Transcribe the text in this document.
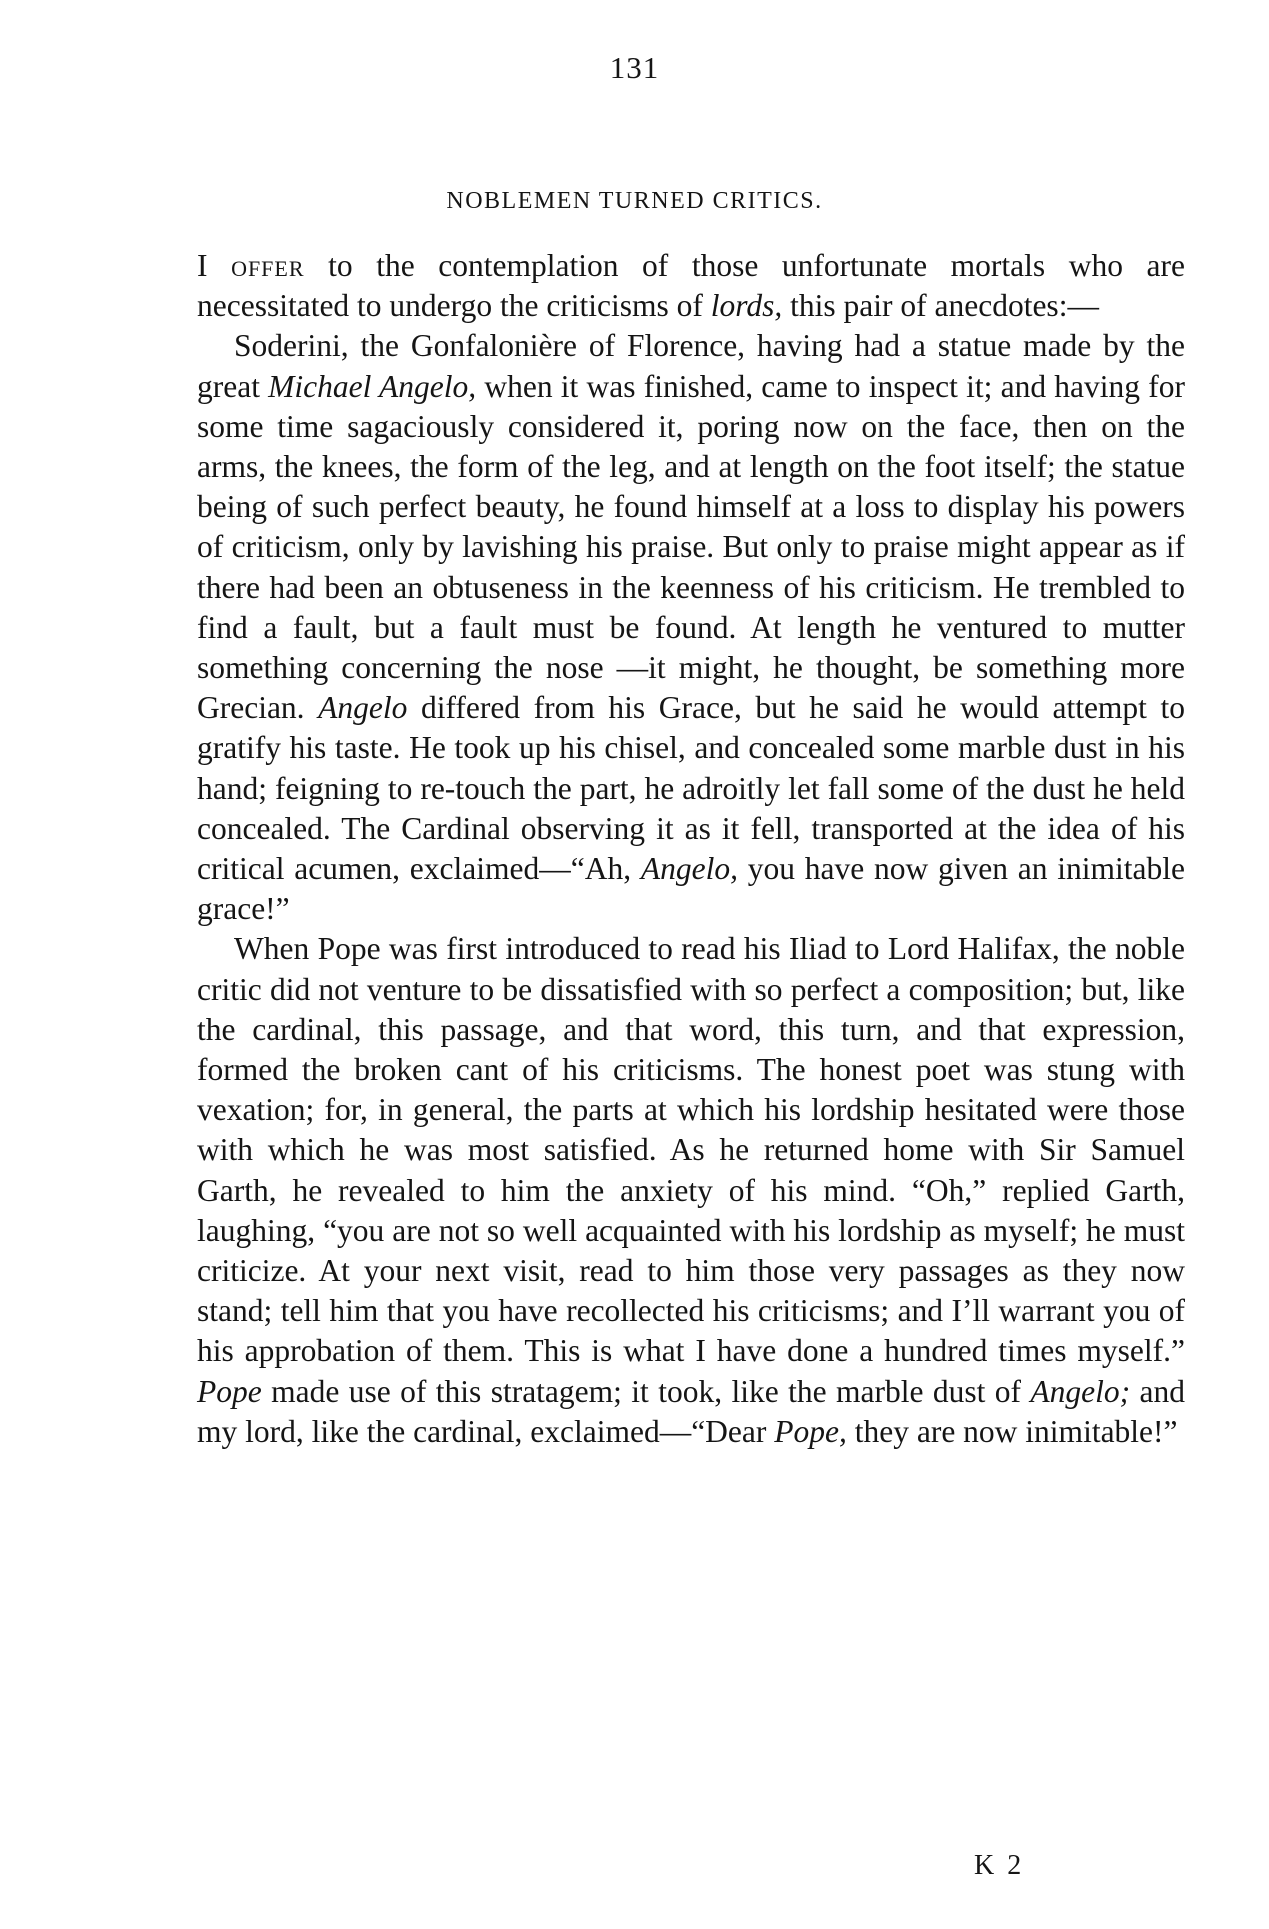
131
NOBLEMEN TURNED CRITICS.

I offer to the contemplation of those unfortunate mortals who are necessitated to undergo the criticisms of lords, this pair of anecdotes:—

Soderini, the Gonfalonière of Florence, having had a statue made by the great Michael Angelo, when it was finished, came to inspect it; and having for some time sagaciously considered it, poring now on the face, then on the arms, the knees, the form of the leg, and at length on the foot itself; the statue being of such perfect beauty, he found himself at a loss to display his powers of criticism, only by lavishing his praise. But only to praise might appear as if there had been an obtuseness in the keenness of his criticism. He trembled to find a fault, but a fault must be found. At length he ventured to mutter something concerning the nose —it might, he thought, be something more Grecian. Angelo differed from his Grace, but he said he would attempt to gratify his taste. He took up his chisel, and concealed some marble dust in his hand; feigning to re-touch the part, he adroitly let fall some of the dust he held concealed. The Cardinal observing it as it fell, transported at the idea of his critical acumen, exclaimed—“Ah, Angelo, you have now given an inimitable grace!”

When Pope was first introduced to read his Iliad to Lord Halifax, the noble critic did not venture to be dissatisfied with so perfect a composition; but, like the cardinal, this passage, and that word, this turn, and that expression, formed the broken cant of his criticisms. The honest poet was stung with vexation; for, in general, the parts at which his lordship hesitated were those with which he was most satisfied. As he returned home with Sir Samuel Garth, he revealed to him the anxiety of his mind. “Oh,” replied Garth, laughing, “you are not so well acquainted with his lordship as myself; he must criticize. At your next visit, read to him those very passages as they now stand; tell him that you have recollected his criticisms; and I’ll warrant you of his approbation of them. This is what I have done a hundred times myself.” Pope made use of this stratagem; it took, like the marble dust of Angelo; and my lord, like the cardinal, exclaimed—“Dear Pope, they are now inimitable!”

K 2
